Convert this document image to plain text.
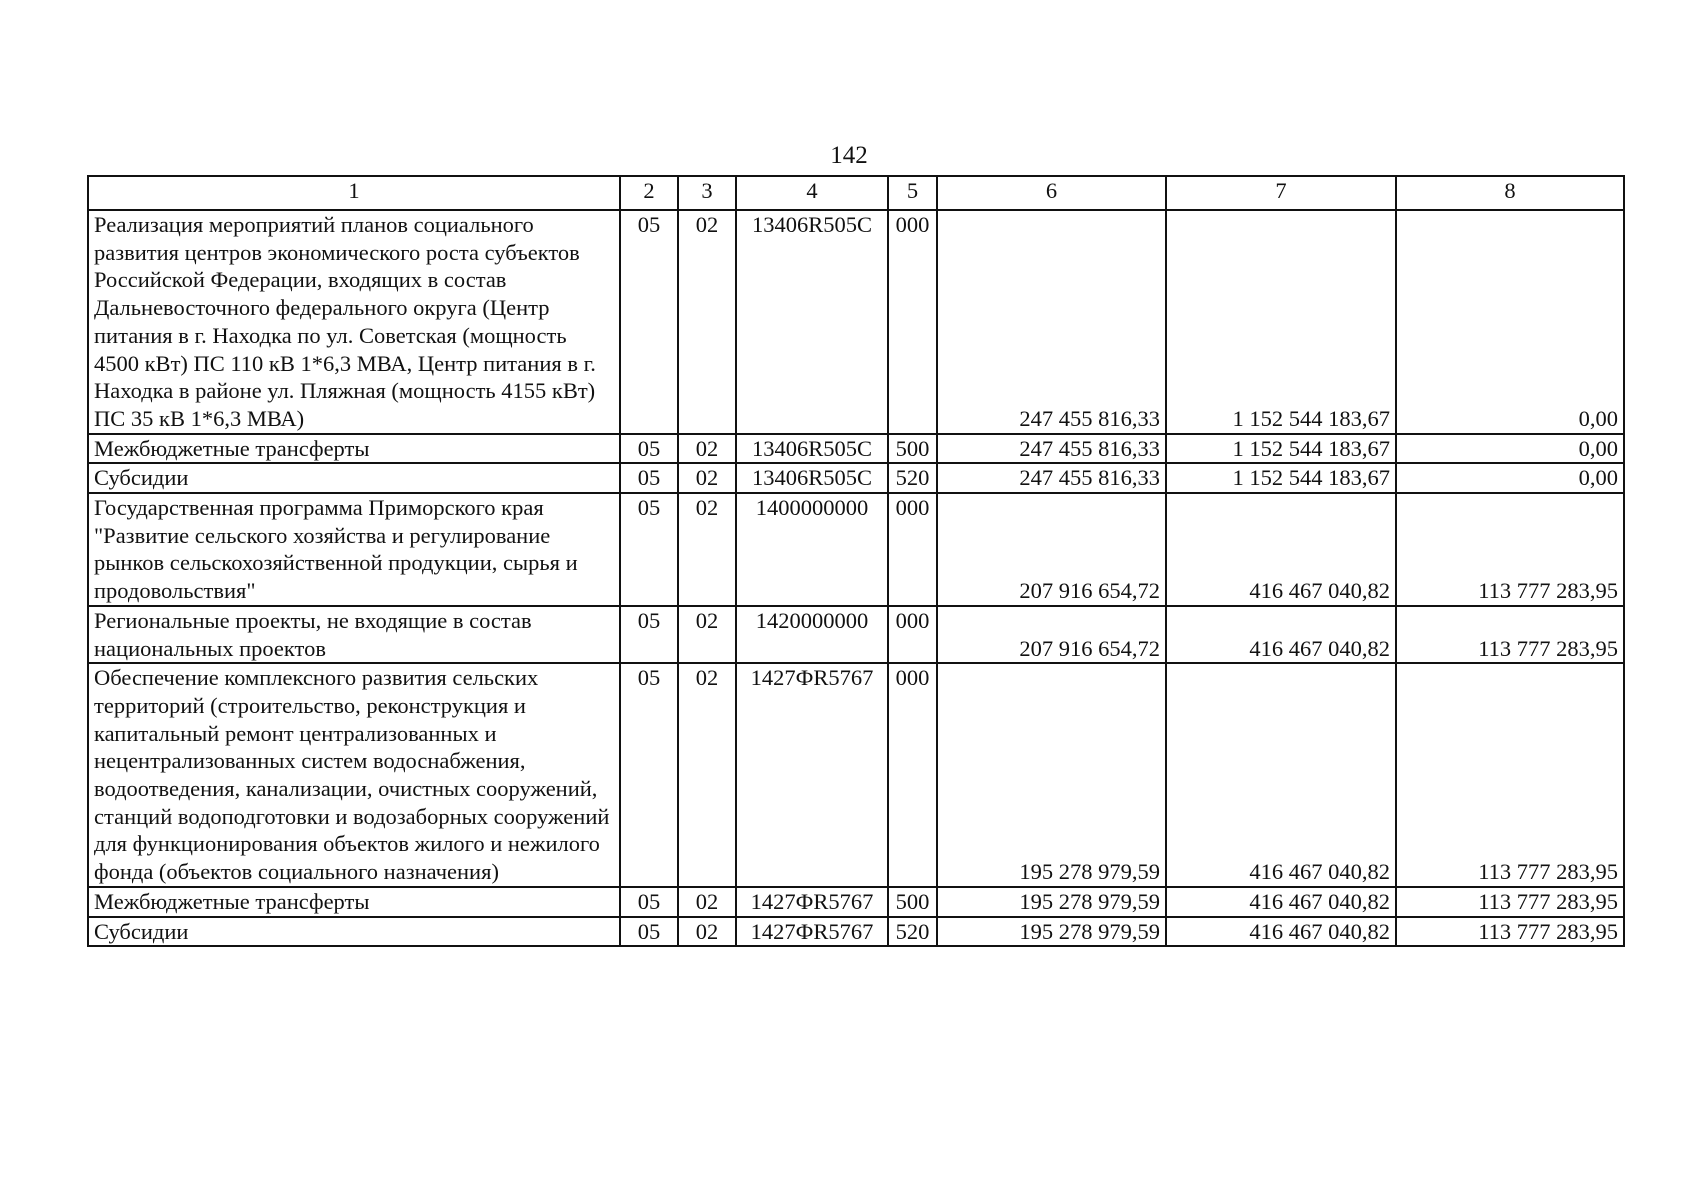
142
1	2	3	4	5	6	7	8
Реализация мероприятий планов социального развития центров экономического роста субъектов Российской Федерации, входящих в состав Дальневосточного федерального округа (Центр питания в г. Находка по ул. Советская (мощность 4500 кВт) ПС 110 кВ 1*6,3 МВА, Центр питания в г. Находка в районе ул. Пляжная (мощность 4155 кВт) ПС 35 кВ 1*6,3 МВА)	05	02	13406R505C	000	247 455 816,33	1 152 544 183,67	0,00
Межбюджетные трансферты	05	02	13406R505C	500	247 455 816,33	1 152 544 183,67	0,00
Субсидии	05	02	13406R505C	520	247 455 816,33	1 152 544 183,67	0,00
Государственная программа Приморского края "Развитие сельского хозяйства и регулирование рынков сельскохозяйственной продукции, сырья и продовольствия"	05	02	1400000000	000	207 916 654,72	416 467 040,82	113 777 283,95
Региональные проекты, не входящие в состав национальных проектов	05	02	1420000000	000	207 916 654,72	416 467 040,82	113 777 283,95
Обеспечение комплексного развития сельских территорий (строительство, реконструкция и капитальный ремонт централизованных и нецентрализованных систем водоснабжения, водоотведения, канализации, очистных сооружений, станций водоподготовки и водозаборных сооружений для функционирования объектов жилого и нежилого фонда (объектов социального назначения)	05	02	1427ФR5767	000	195 278 979,59	416 467 040,82	113 777 283,95
Межбюджетные трансферты	05	02	1427ФR5767	500	195 278 979,59	416 467 040,82	113 777 283,95
Субсидии	05	02	1427ФR5767	520	195 278 979,59	416 467 040,82	113 777 283,95
